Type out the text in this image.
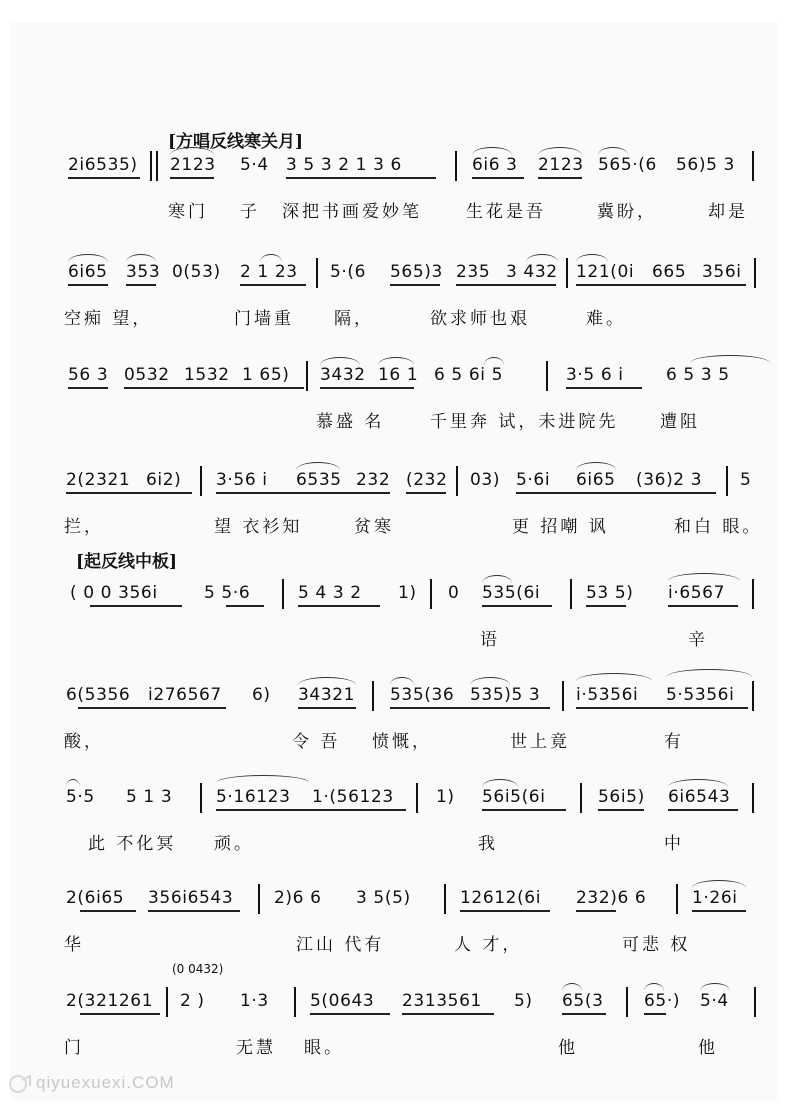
[方唱反线寒关月]
2i6535) 2123 5·4 3 5 3 2 1 3 6	6i6 3 2123 565·(6 56)5 3
寒门 子 深把书画爱妙笔	生花是吾	冀盼，	却是
6i65 353 0(53) 2 1 23 5·(6 565)3 235 3 432 121(0i 665 356i
空痴 望，	门墙重 隔，	欲求师也艰	难。
56 3 0532 1532 1 65) 3432 16 1 6 5 6i 5	3·5 6 i 6 5 3 5
慕盛 名	千里奔 试，未进院先 遭阻
2(2321 6i2) 3·56 i 6535 232 (232 03) 5·6i 6i65 (36)2 3 5
拦，	望 衣衫知	贫寒	更 招嘲 讽	和白 眼。
[起反线中板]
( 0 0 356i	5 5·6	5 4 3 2 1) 0 535(6i	53 5) i·6567
语	辛
6(5356 i276567 6) 34321 535(36 535)5 3 i·5356i 5·5356i
酸，	令 吾 愤慨，	世上竟	有
5·5 5 1 3	5·16123 1·(56123 1) 56i5(6i	56i5) 6i6543
此 不化冥 顽。	我	中
2(6i65 356i6543 2)6 6 3 5(5)	12612(6i 232)6 6	1·26i
华	江山 代有	人 才，	可悲 权
(0 0432)
2(321261 2 ) 1·3 5(0643 2313561 5) 65(3 65·) 5·4
门	无慧 眼。	他	他
qiyuexuexi.COM
